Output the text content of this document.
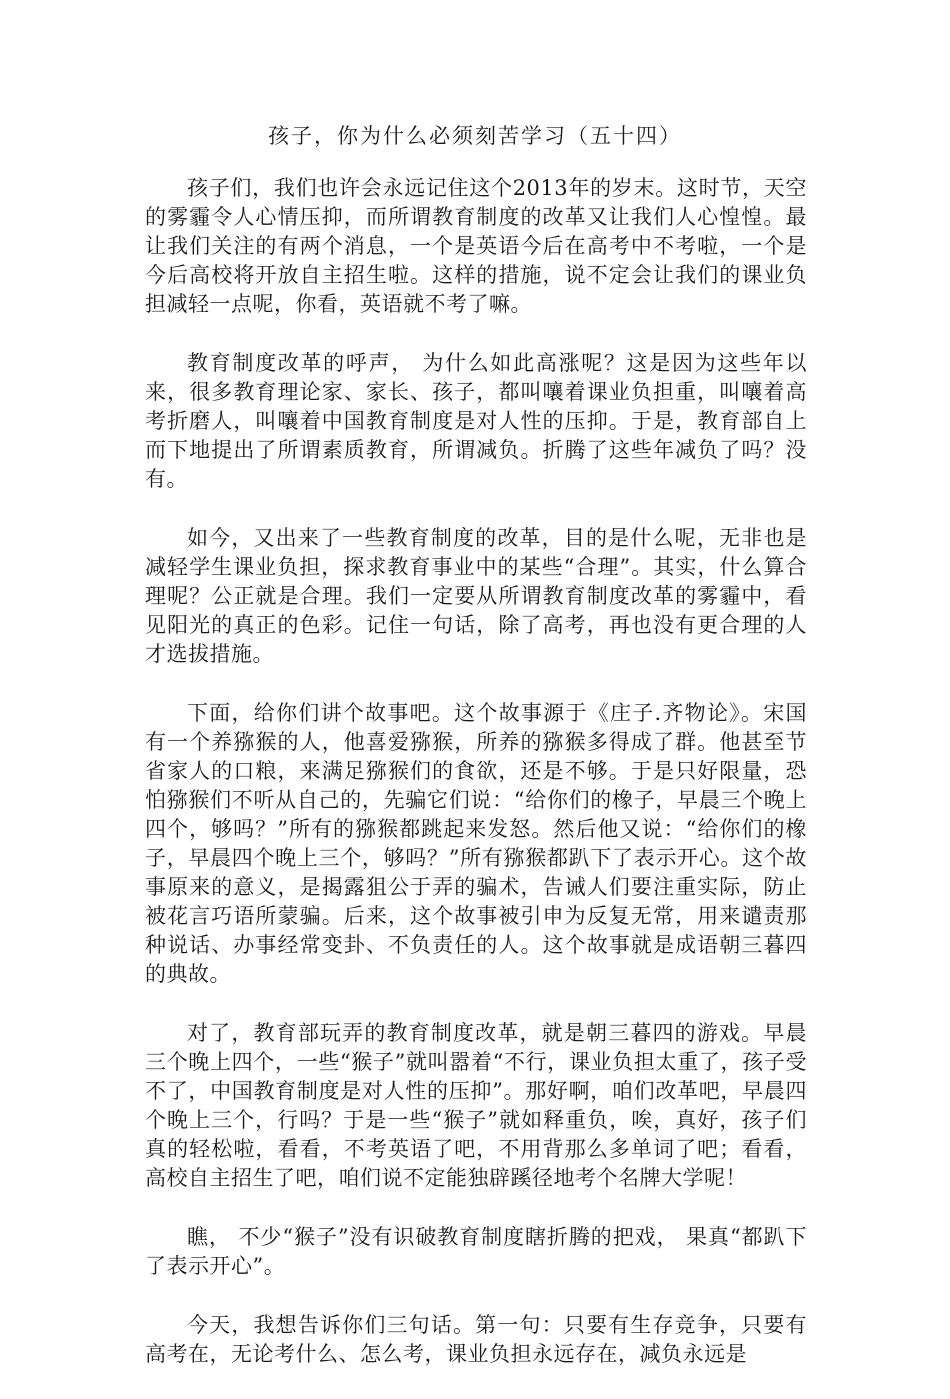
孩子，你为什么必须刻苦学习（五十四）

孩子们，我们也许会永远记住这个2013年的岁末。这时节，天空的雾霾令人心情压抑，而所谓教育制度的改革又让我们人心惶惶。最让我们关注的有两个消息，一个是英语今后在高考中不考啦，一个是今后高校将开放自主招生啦。这样的措施，说不定会让我们的课业负担减轻一点呢，你看，英语就不考了嘛。

教育制度改革的呼声， 为什么如此高涨呢？这是因为这些年以来，很多教育理论家、家长、孩子，都叫嚷着课业负担重，叫嚷着高考折磨人，叫嚷着中国教育制度是对人性的压抑。于是，教育部自上而下地提出了所谓素质教育，所谓减负。折腾了这些年减负了吗？没有。

如今，又出来了一些教育制度的改革，目的是什么呢，无非也是减轻学生课业负担，探求教育事业中的某些“合理”。其实，什么算合理呢？公正就是合理。我们一定要从所谓教育制度改革的雾霾中，看见阳光的真正的色彩。记住一句话，除了高考，再也没有更合理的人才选拔措施。

下面，给你们讲个故事吧。这个故事源于《庄子.齐物论》。宋国有一个养猕猴的人，他喜爱猕猴，所养的猕猴多得成了群。他甚至节省家人的口粮，来满足猕猴们的食欲，还是不够。于是只好限量，恐怕猕猴们不听从自己的，先骗它们说：“给你们的橡子，早晨三个晚上四个，够吗？”所有的猕猴都跳起来发怒。然后他又说：“给你们的橡子，早晨四个晚上三个，够吗？”所有猕猴都趴下了表示开心。这个故事原来的意义，是揭露狙公于弄的骗术，告诫人们要注重实际，防止被花言巧语所蒙骗。后来，这个故事被引申为反复无常，用来谴责那种说话、办事经常变卦、不负责任的人。这个故事就是成语朝三暮四的典故。

对了，教育部玩弄的教育制度改革，就是朝三暮四的游戏。早晨三个晚上四个，一些“猴子”就叫嚣着“不行，课业负担太重了，孩子受不了，中国教育制度是对人性的压抑”。那好啊，咱们改革吧，早晨四个晚上三个，行吗？于是一些“猴子”就如释重负，唉，真好，孩子们真的轻松啦，看看，不考英语了吧，不用背那么多单词了吧；看看，高校自主招生了吧，咱们说不定能独辟蹊径地考个名牌大学呢！

瞧， 不少“猴子”没有识破教育制度瞎折腾的把戏， 果真“都趴下了表示开心”。

今天，我想告诉你们三句话。第一句：只要有生存竞争，只要有高考在，无论考什么、怎么考，课业负担永远存在，减负永远是
